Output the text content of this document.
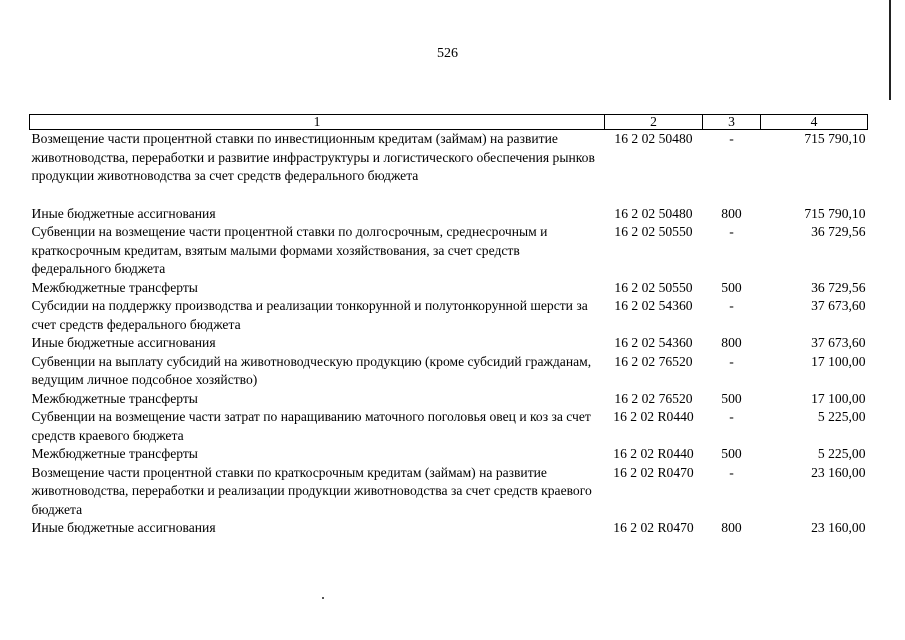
526
1	2	3	4
Возмещение части процентной ставки по инвестиционным кредитам (займам) на развитие животноводства, переработки и развитие инфраструктуры и логистического обеспечения рынков продукции животноводства за счет средств федерального бюджета	16 2 02 50480	-	715 790,10

Иные бюджетные ассигнования	16 2 02 50480	800	715 790,10
Субвенции на возмещение части процентной ставки по долгосрочным, среднесрочным и краткосрочным кредитам, взятым малыми формами хозяйствования, за счет средств федерального бюджета	16 2 02 50550	-	36 729,56
Межбюджетные трансферты	16 2 02 50550	500	36 729,56
Субсидии на поддержку производства и реализации тонкорунной и полутонкорунной шерсти за счет средств федерального бюджета	16 2 02 54360	-	37 673,60
Иные бюджетные ассигнования	16 2 02 54360	800	37 673,60
Субвенции на выплату субсидий на животноводческую продукцию (кроме субсидий гражданам, ведущим личное подсобное хозяйство)	16 2 02 76520	-	17 100,00
Межбюджетные трансферты	16 2 02 76520	500	17 100,00
Субвенции на возмещение части затрат по наращиванию маточного поголовья овец и коз за счет средств краевого бюджета	16 2 02 R0440	-	5 225,00
Межбюджетные трансферты	16 2 02 R0440	500	5 225,00
Возмещение части процентной ставки по краткосрочным кредитам (займам) на развитие животноводства, переработки и реализации продукции животноводства за счет средств краевого бюджета	16 2 02 R0470	-	23 160,00
Иные бюджетные ассигнования	16 2 02 R0470	800	23 160,00
